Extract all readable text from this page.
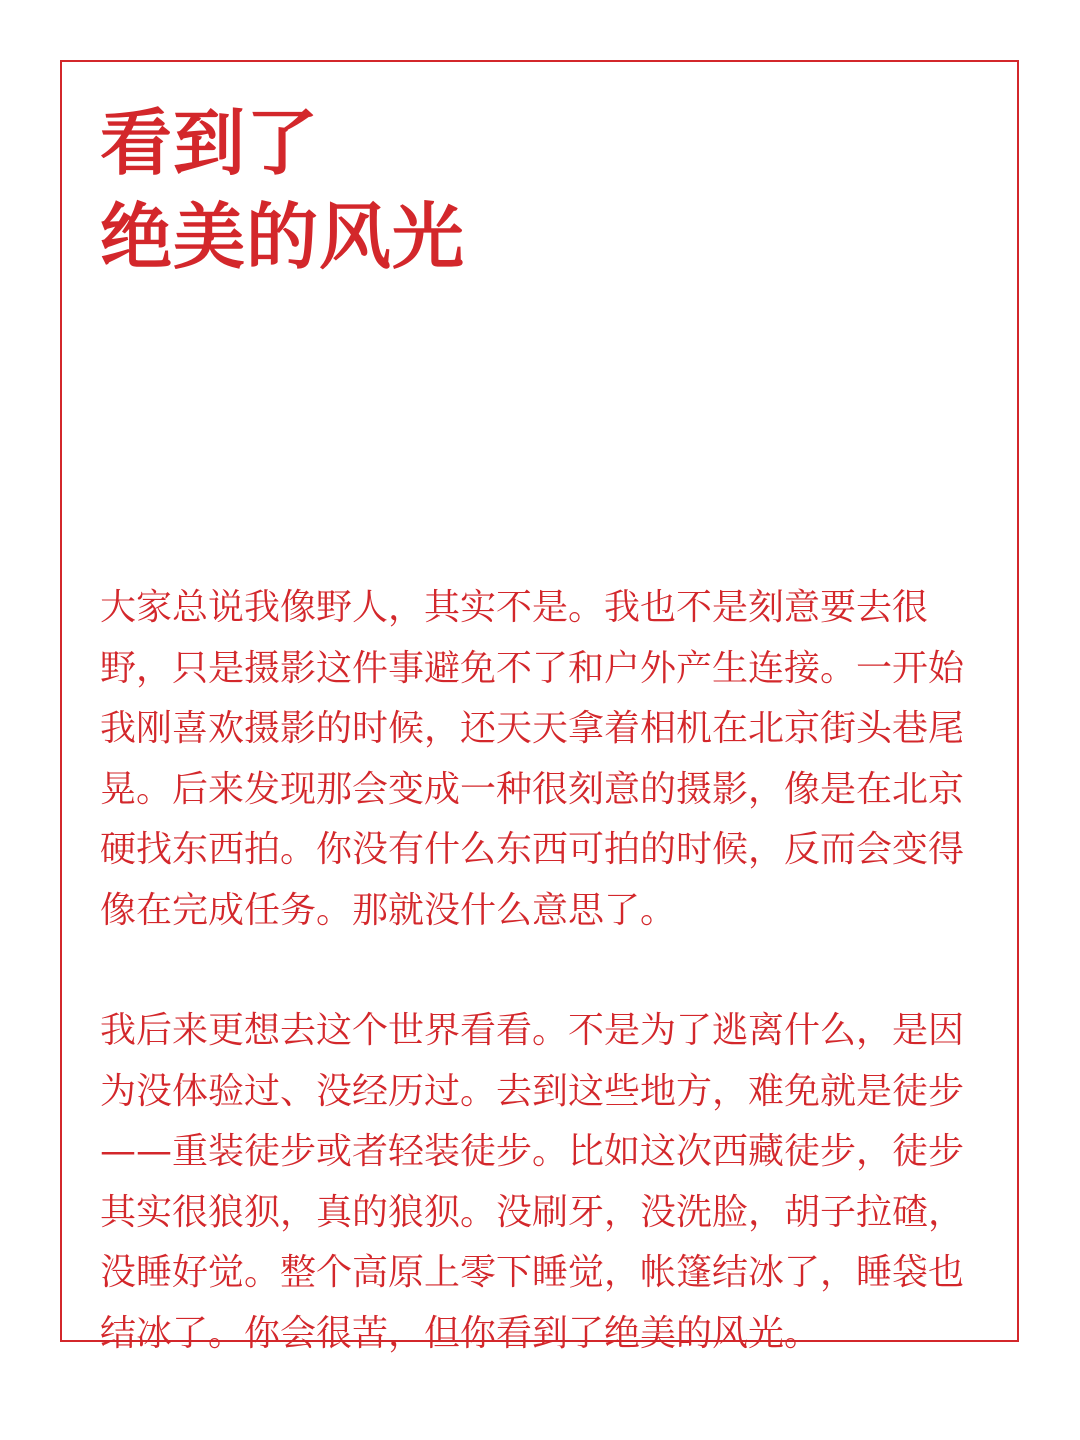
看到了
绝美的风光

大家总说我像野人，其实不是。我也不是刻意要去很野，只是摄影这件事避免不了和户外产生连接。一开始我刚喜欢摄影的时候，还天天拿着相机在北京街头巷尾晃。后来发现那会变成一种很刻意的摄影，像是在北京硬找东西拍。你没有什么东西可拍的时候，反而会变得像在完成任务。那就没什么意思了。

我后来更想去这个世界看看。不是为了逃离什么，是因为没体验过、没经历过。去到这些地方，难免就是徒步——重装徒步或者轻装徒步。比如这次西藏徒步，徒步其实很狼狈，真的狼狈。没刷牙，没洗脸，胡子拉碴，没睡好觉。整个高原上零下睡觉，帐篷结冰了，睡袋也结冰了。你会很苦，但你看到了绝美的风光。
